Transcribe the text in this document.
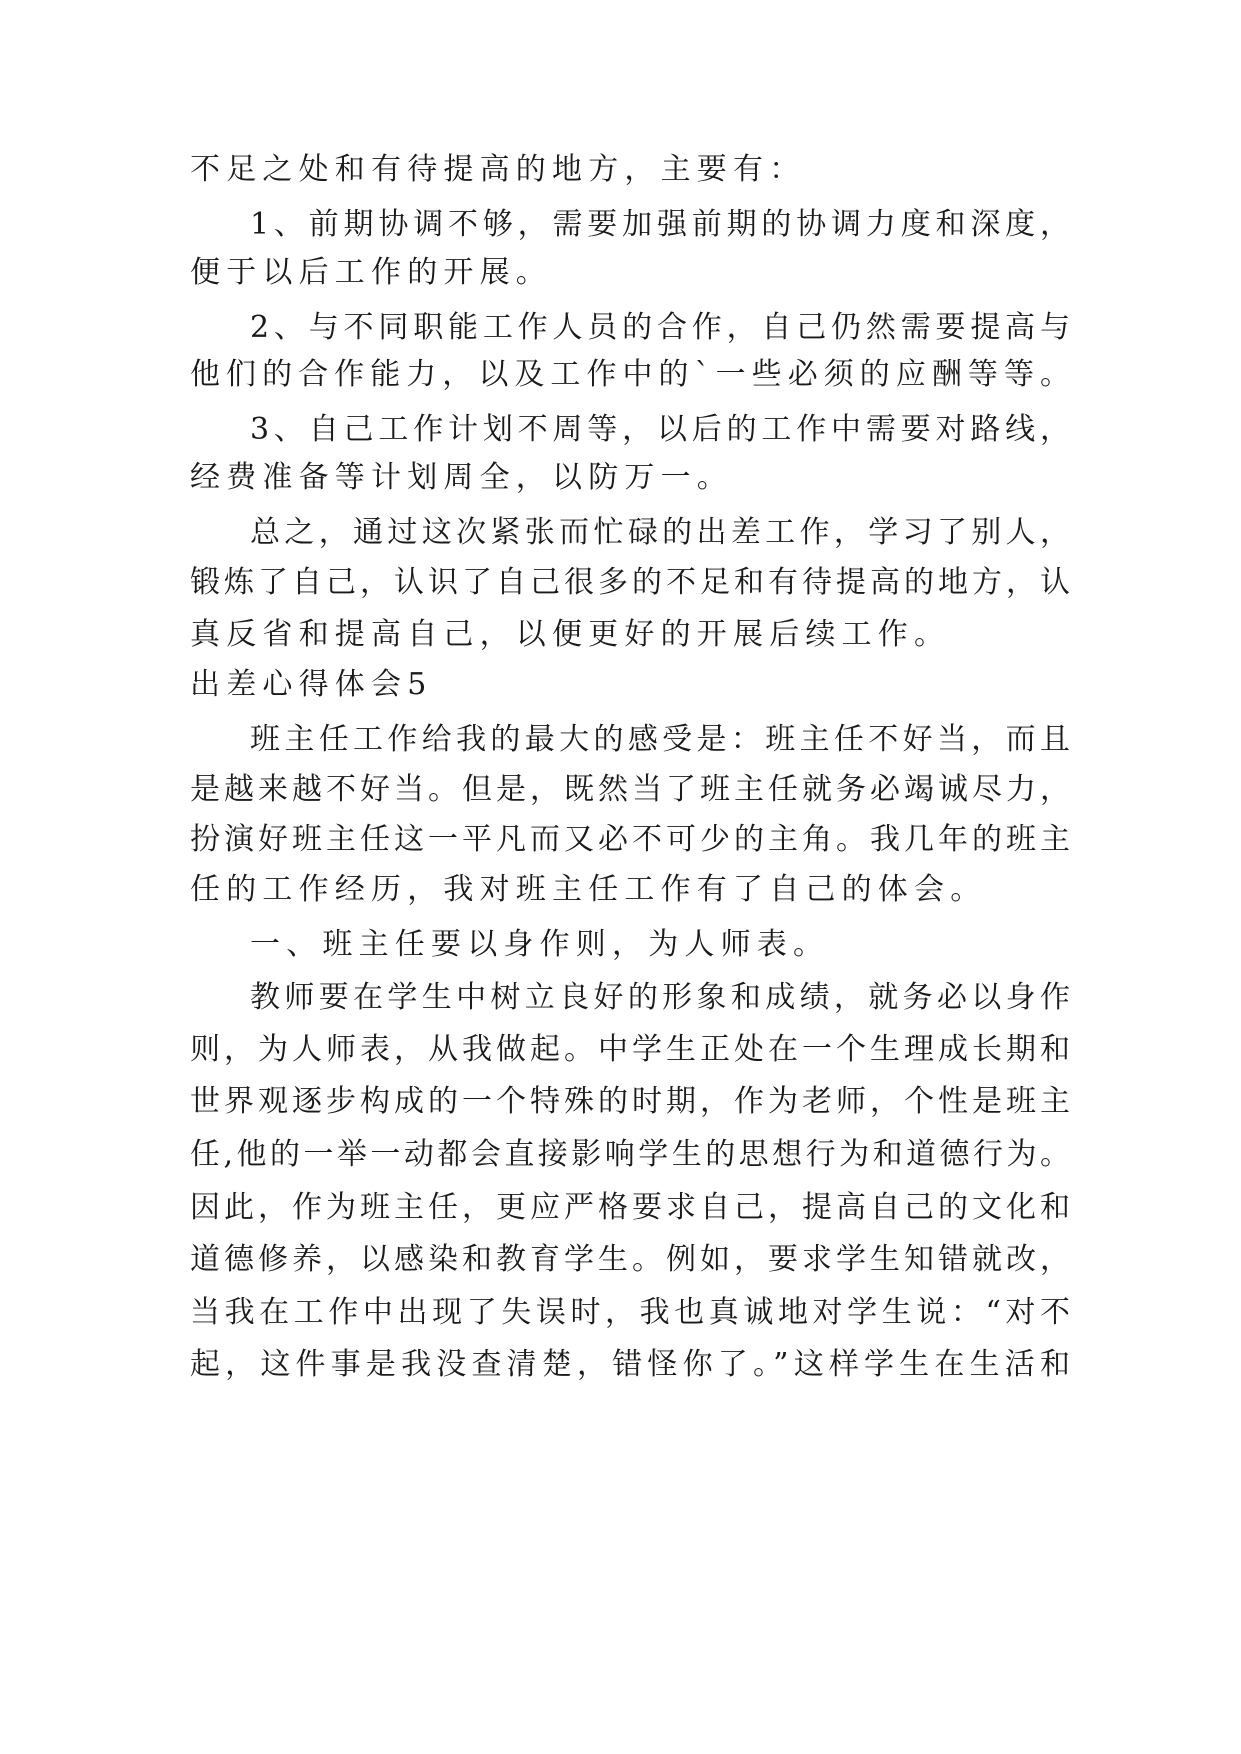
不足之处和有待提高的地方，主要有：
1、前期协调不够，需要加强前期的协调力度和深度，
便于以后工作的开展。
2、与不同职能工作人员的合作，自己仍然需要提高与
他们的合作能力，以及工作中的`一些必须的应酬等等。
3、自己工作计划不周等，以后的工作中需要对路线，
经费准备等计划周全，以防万一。
总之，通过这次紧张而忙碌的出差工作，学习了别人，
锻炼了自己，认识了自己很多的不足和有待提高的地方，认
真反省和提高自己，以便更好的开展后续工作。
出差心得体会5
班主任工作给我的最大的感受是：班主任不好当，而且
是越来越不好当。但是，既然当了班主任就务必竭诚尽力，
扮演好班主任这一平凡而又必不可少的主角。我几年的班主
任的工作经历，我对班主任工作有了自己的体会。
一、班主任要以身作则，为人师表。
教师要在学生中树立良好的形象和成绩，就务必以身作
则，为人师表，从我做起。中学生正处在一个生理成长期和
世界观逐步构成的一个特殊的时期，作为老师，个性是班主
任,他的一举一动都会直接影响学生的思想行为和道德行为。
因此，作为班主任，更应严格要求自己，提高自己的文化和
道德修养，以感染和教育学生。例如，要求学生知错就改，
当我在工作中出现了失误时，我也真诚地对学生说：“对不
起，这件事是我没查清楚，错怪你了。”这样学生在生活和
